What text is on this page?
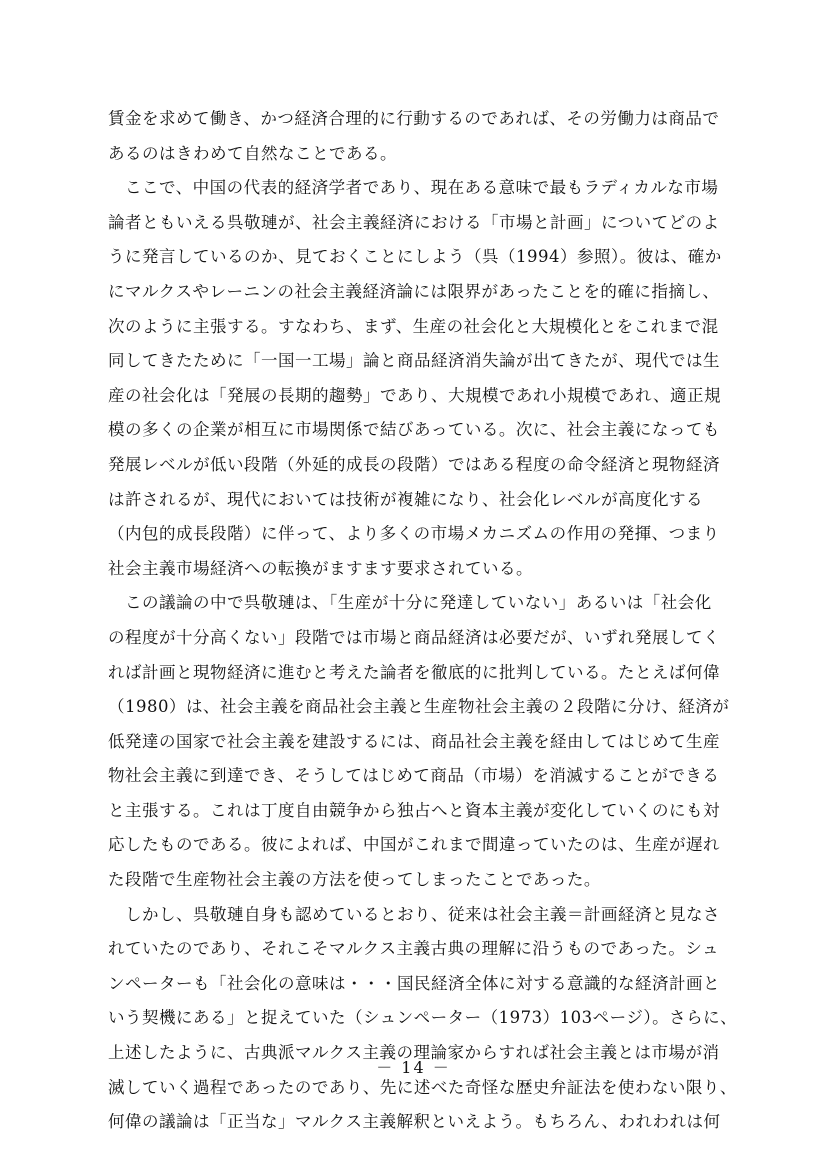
賃金を求めて働き、かつ経済合理的に行動するのであれば、その労働力は商品で
あるのはきわめて自然なことである。
　ここで、中国の代表的経済学者であり、現在ある意味で最もラディカルな市場
論者ともいえる呉敬璉が、社会主義経済における「市場と計画」についてどのよ
うに発言しているのか、見ておくことにしよう（呉（1994）参照）。彼は、確か
にマルクスやレーニンの社会主義経済論には限界があったことを的確に指摘し、
次のように主張する。すなわち、まず、生産の社会化と大規模化とをこれまで混
同してきたために「一国一工場」論と商品経済消失論が出てきたが、現代では生
産の社会化は「発展の長期的趨勢」であり、大規模であれ小規模であれ、適正規
模の多くの企業が相互に市場関係で結びあっている。次に、社会主義になっても
発展レベルが低い段階（外延的成長の段階）ではある程度の命令経済と現物経済
は許されるが、現代においては技術が複雑になり、社会化レベルが高度化する
（内包的成長段階）に伴って、より多くの市場メカニズムの作用の発揮、つまり
社会主義市場経済への転換がますます要求されている。
　この議論の中で呉敬璉は、「生産が十分に発達していない」あるいは「社会化
の程度が十分高くない」段階では市場と商品経済は必要だが、いずれ発展してく
れば計画と現物経済に進むと考えた論者を徹底的に批判している。たとえば何偉
（1980）は、社会主義を商品社会主義と生産物社会主義の２段階に分け、経済が
低発達の国家で社会主義を建設するには、商品社会主義を経由してはじめて生産
物社会主義に到達でき、そうしてはじめて商品（市場）を消滅することができる
と主張する。これは丁度自由競争から独占へと資本主義が変化していくのにも対
応したものである。彼によれば、中国がこれまで間違っていたのは、生産が遅れ
た段階で生産物社会主義の方法を使ってしまったことであった。
　しかし、呉敬璉自身も認めているとおり、従来は社会主義＝計画経済と見なさ
れていたのであり、それこそマルクス主義古典の理解に沿うものであった。シュ
ンペーターも「社会化の意味は・・・国民経済全体に対する意識的な経済計画と
いう契機にある」と捉えていた（シュンペーター（1973）103ページ）。さらに、
上述したように、古典派マルクス主義の理論家からすれば社会主義とは市場が消
滅していく過程であったのであり、先に述べた奇怪な歴史弁証法を使わない限り、
何偉の議論は「正当な」マルクス主義解釈といえよう。もちろん、われわれは何
－ 14 －
